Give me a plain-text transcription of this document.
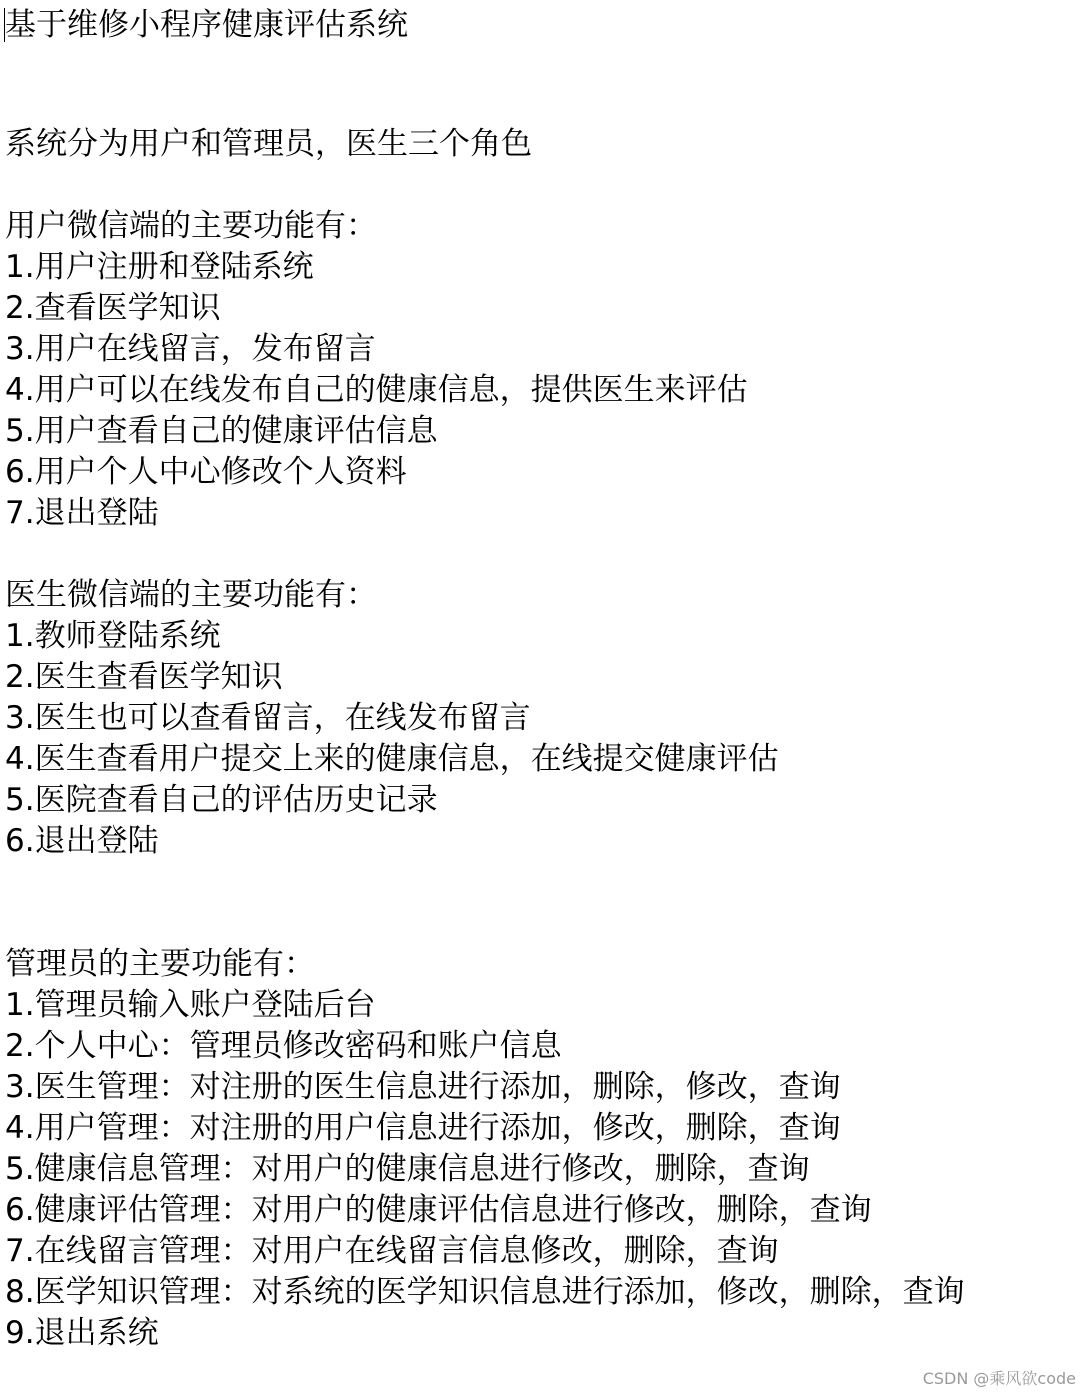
基于维修小程序健康评估系统
系统分为用户和管理员，医生三个角色
用户微信端的主要功能有：
1.用户注册和登陆系统
2.查看医学知识
3.用户在线留言，发布留言
4.用户可以在线发布自己的健康信息，提供医生来评估
5.用户查看自己的健康评估信息
6.用户个人中心修改个人资料
7.退出登陆
医生微信端的主要功能有：
1.教师登陆系统
2.医生查看医学知识
3.医生也可以查看留言，在线发布留言
4.医生查看用户提交上来的健康信息，在线提交健康评估
5.医院查看自己的评估历史记录
6.退出登陆
管理员的主要功能有：
1.管理员输入账户登陆后台
2.个人中心：管理员修改密码和账户信息
3.医生管理：对注册的医生信息进行添加，删除，修改，查询
4.用户管理：对注册的用户信息进行添加，修改，删除，查询
5.健康信息管理：对用户的健康信息进行修改，删除，查询
6.健康评估管理：对用户的健康评估信息进行修改，删除，查询
7.在线留言管理：对用户在线留言信息修改，删除，查询
8.医学知识管理：对系统的医学知识信息进行添加，修改，删除，查询
9.退出系统
CSDN @乘风欲code
